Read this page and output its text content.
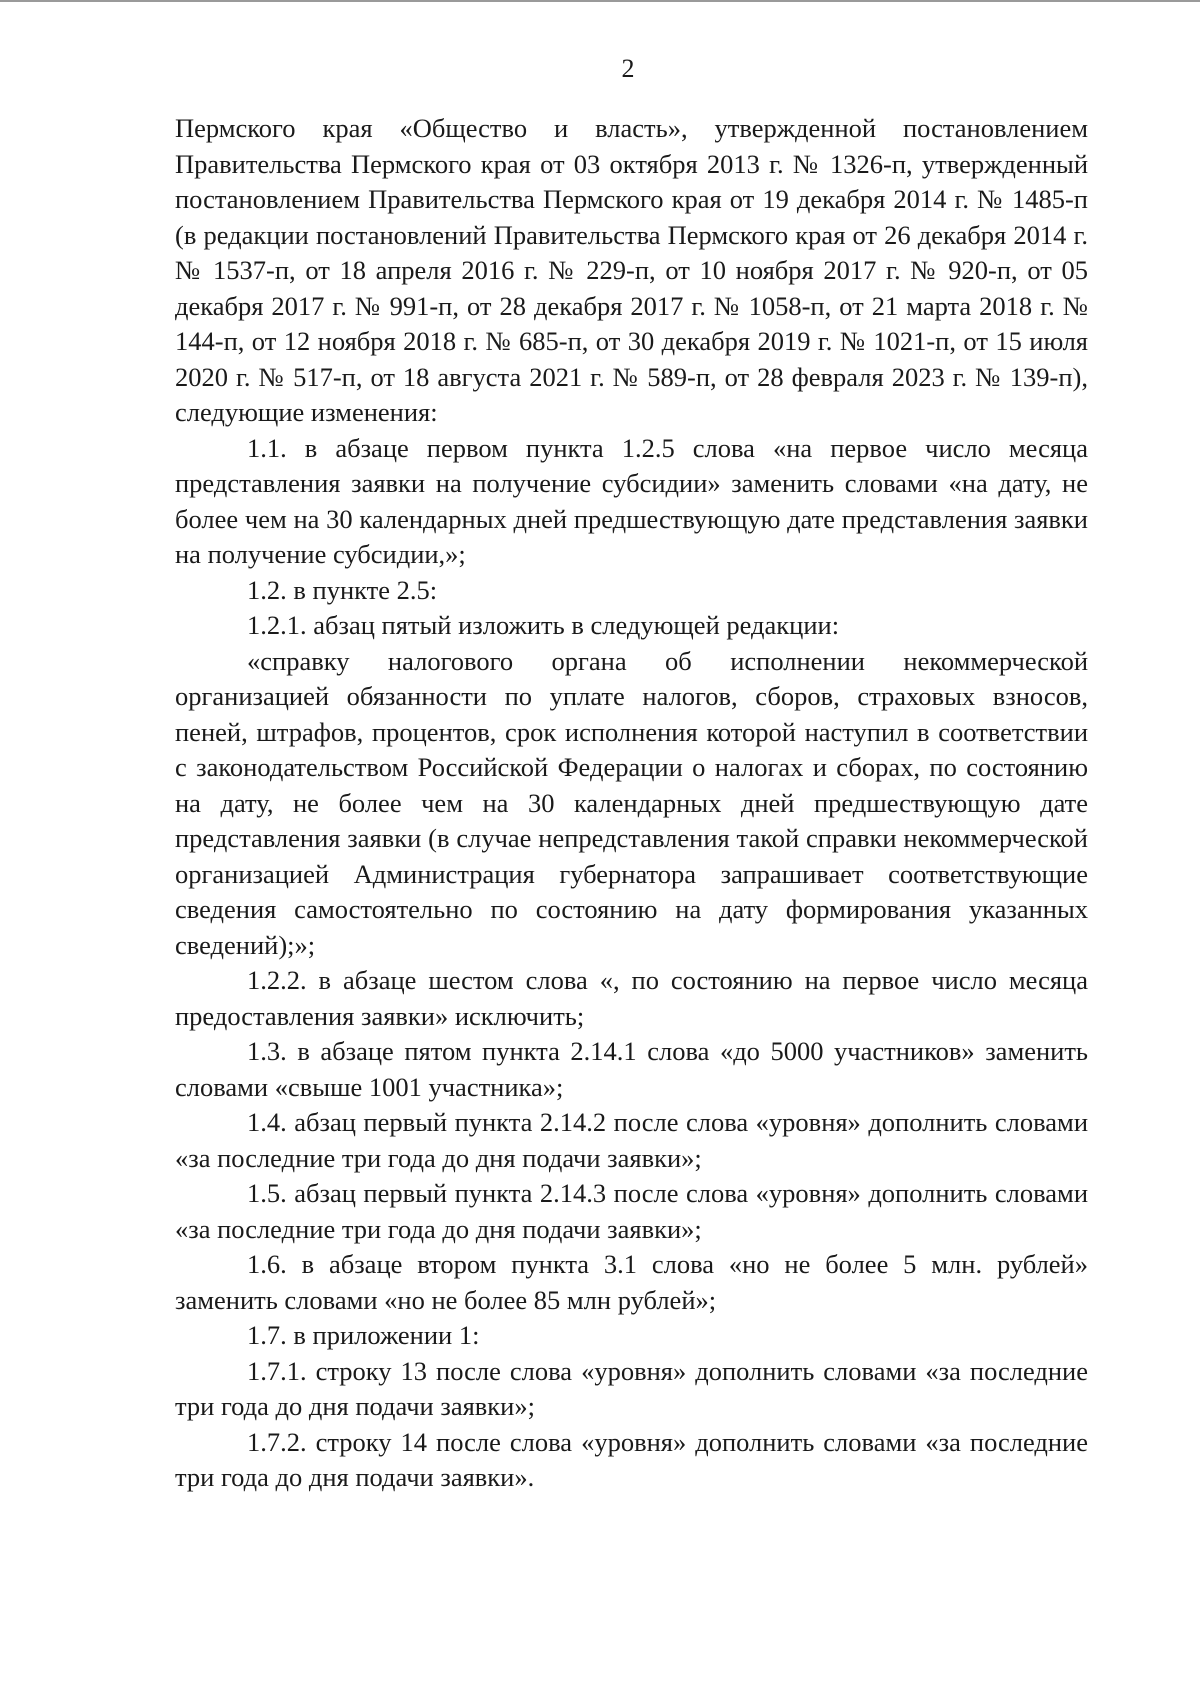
2

Пермского края «Общество и власть», утвержденной постановлением Правительства Пермского края от 03 октября 2013 г. № 1326-п, утвержденный постановлением Правительства Пермского края от 19 декабря 2014 г. № 1485-п (в редакции постановлений Правительства Пермского края от 26 декабря 2014 г. № 1537-п, от 18 апреля 2016 г. № 229-п, от 10 ноября 2017 г. № 920-п, от 05 декабря 2017 г. № 991-п, от 28 декабря 2017 г. № 1058-п, от 21 марта 2018 г. № 144-п, от 12 ноября 2018 г. № 685-п, от 30 декабря 2019 г. № 1021-п, от 15 июля 2020 г. № 517-п, от 18 августа 2021 г. № 589-п, от 28 февраля 2023 г. № 139-п), следующие изменения:

1.1. в абзаце первом пункта 1.2.5 слова «на первое число месяца представления заявки на получение субсидии» заменить словами «на дату, не более чем на 30 календарных дней предшествующую дате представления заявки на получение субсидии,»;

1.2. в пункте 2.5:

1.2.1. абзац пятый изложить в следующей редакции:

«справку налогового органа об исполнении некоммерческой организацией обязанности по уплате налогов, сборов, страховых взносов, пеней, штрафов, процентов, срок исполнения которой наступил в соответствии с законодательством Российской Федерации о налогах и сборах, по состоянию на дату, не более чем на 30 календарных дней предшествующую дате представления заявки (в случае непредставления такой справки некоммерческой организацией Администрация губернатора запрашивает соответствующие сведения самостоятельно по состоянию на дату формирования указанных сведений);»;

1.2.2. в абзаце шестом слова «, по состоянию на первое число месяца предоставления заявки» исключить;

1.3. в абзаце пятом пункта 2.14.1 слова «до 5000 участников» заменить словами «свыше 1001 участника»;

1.4. абзац первый пункта 2.14.2 после слова «уровня» дополнить словами «за последние три года до дня подачи заявки»;

1.5. абзац первый пункта 2.14.3 после слова «уровня» дополнить словами «за последние три года до дня подачи заявки»;

1.6. в абзаце втором пункта 3.1 слова «но не более 5 млн. рублей» заменить словами «но не более 85 млн рублей»;

1.7. в приложении 1:

1.7.1. строку 13 после слова «уровня» дополнить словами «за последние три года до дня подачи заявки»;

1.7.2. строку 14 после слова «уровня» дополнить словами «за последние три года до дня подачи заявки».
